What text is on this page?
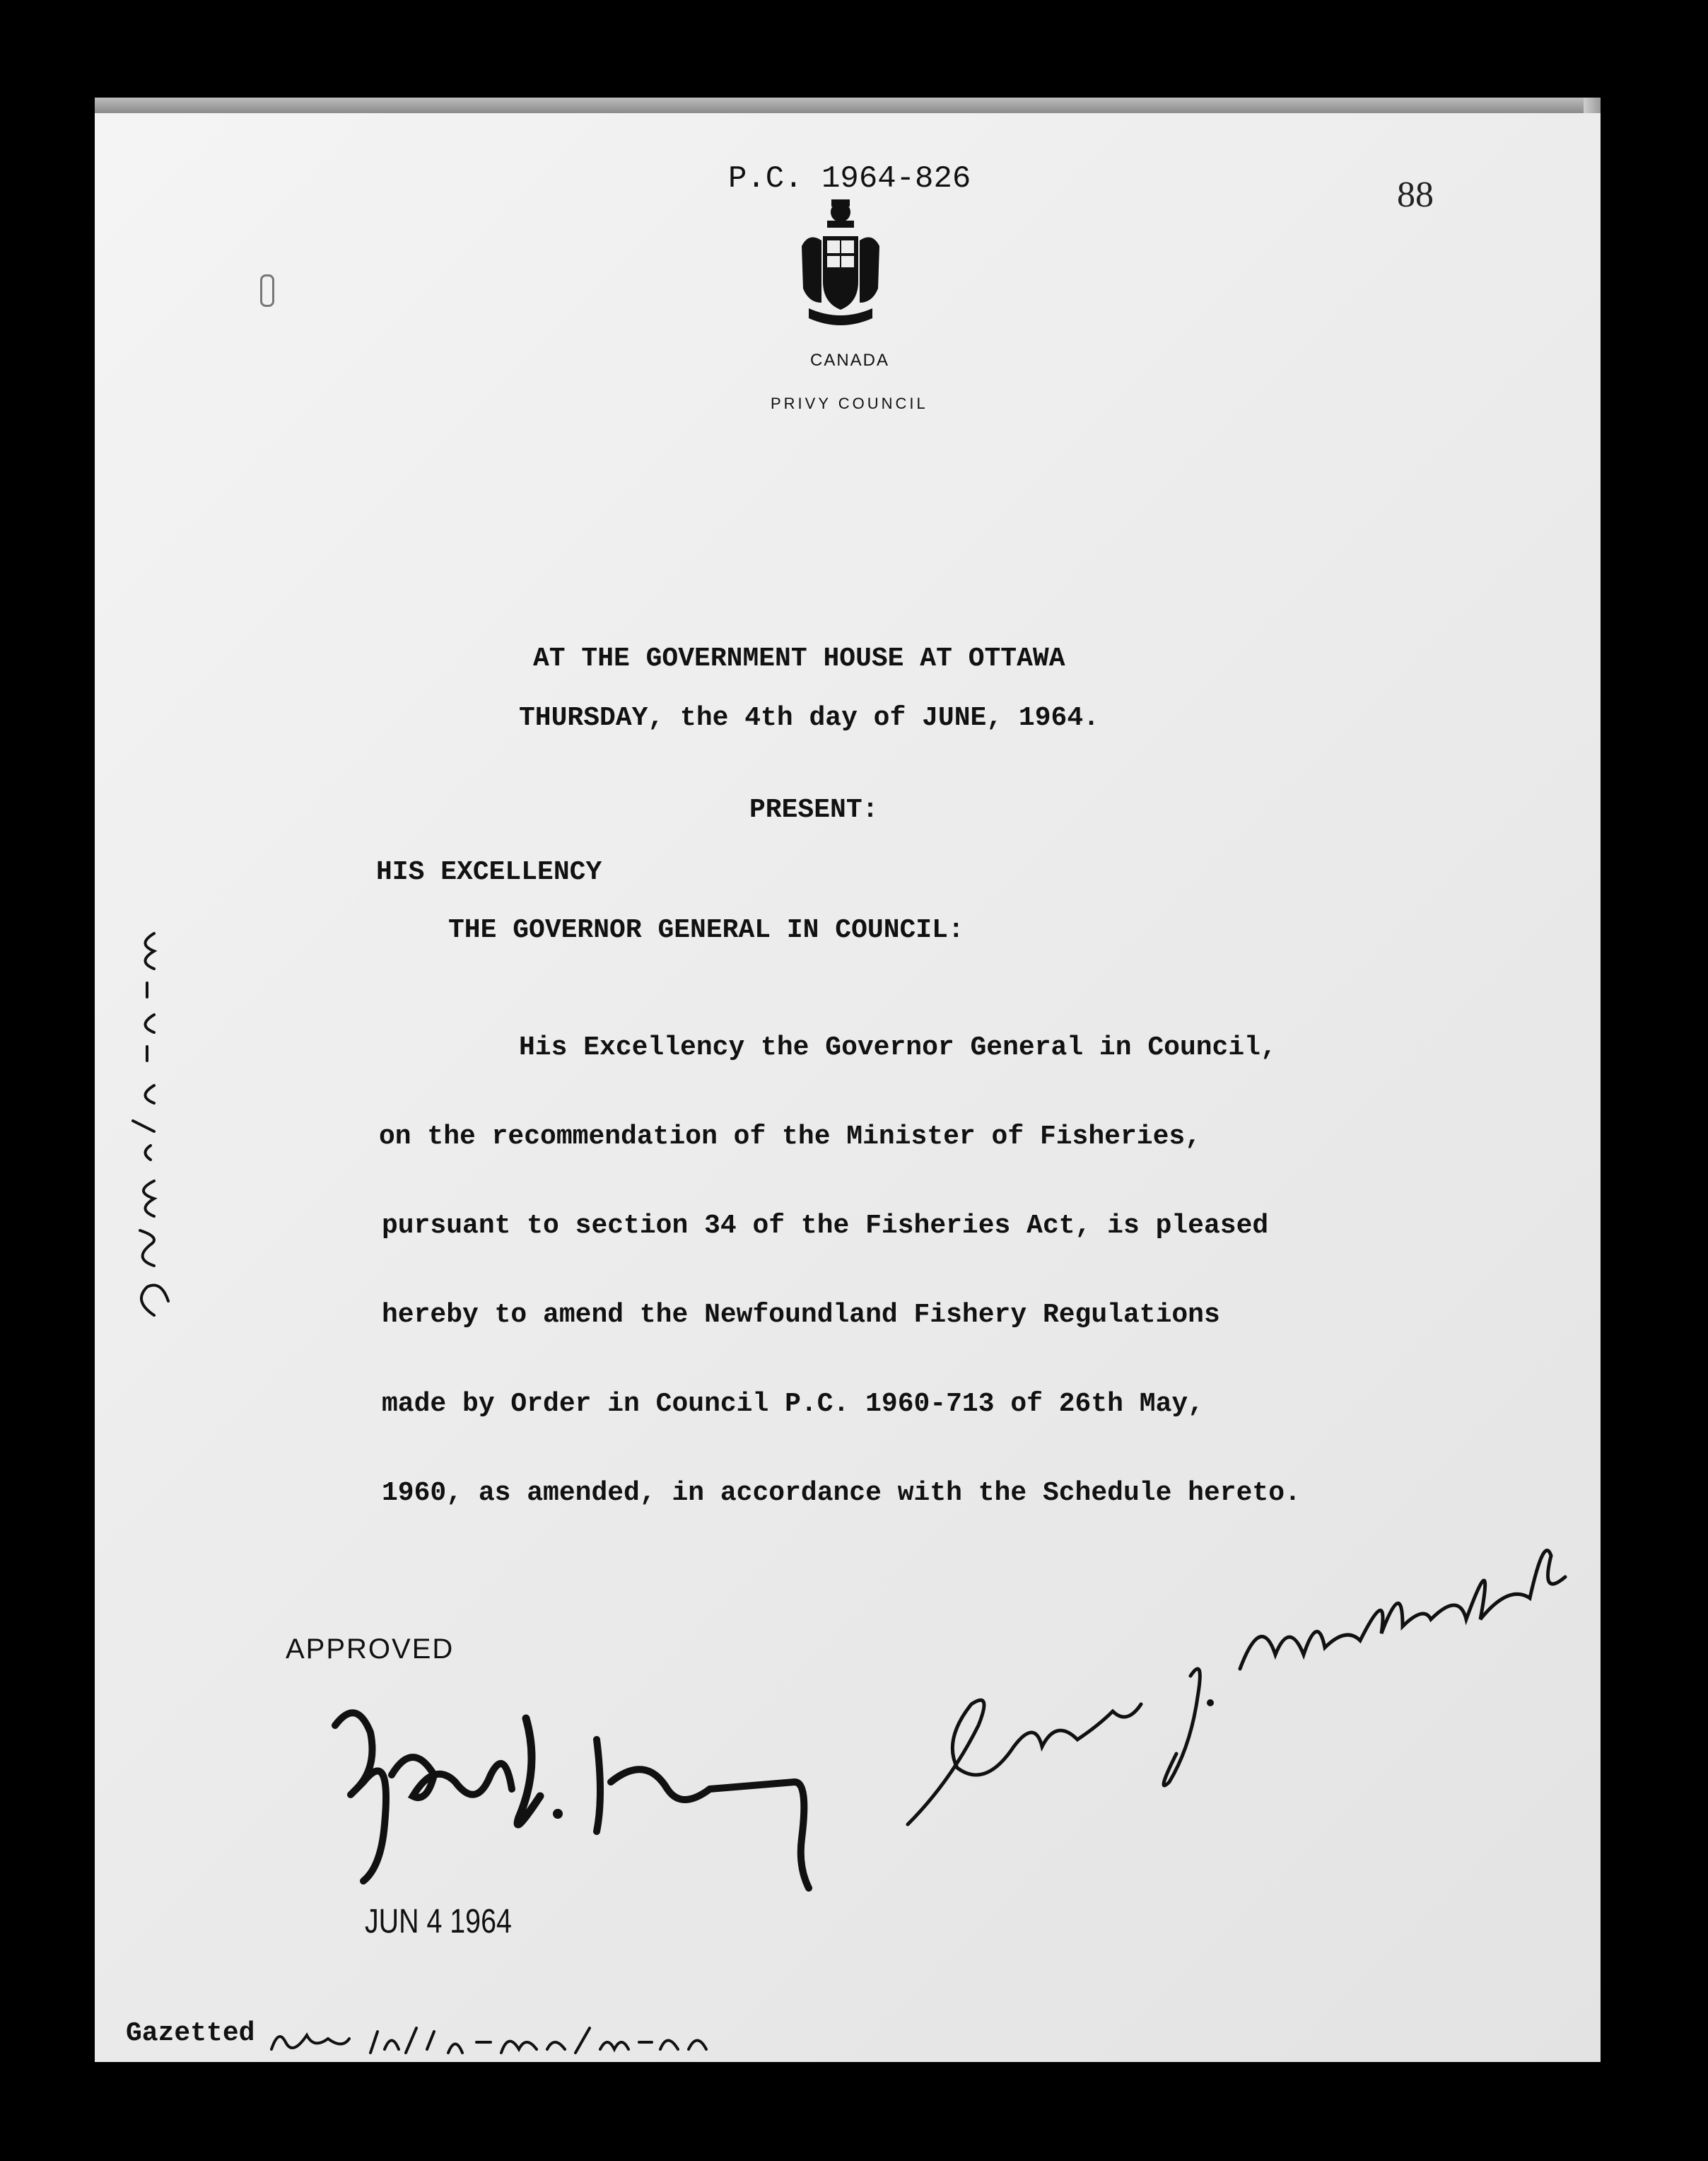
P.C. 1964-826	88
CANADA
PRIVY COUNCIL
AT THE GOVERNMENT HOUSE AT OTTAWA
THURSDAY, the 4th day of JUNE, 1964.
PRESENT:
HIS EXCELLENCY
THE GOVERNOR GENERAL IN COUNCIL:
His Excellency the Governor General in Council,
on the recommendation of the Minister of Fisheries,
pursuant to section 34 of the Fisheries Act, is pleased
hereby to amend the Newfoundland Fishery Regulations
made by Order in Council P.C. 1960-713 of 26th May,
1960, as amended, in accordance with the Schedule hereto.
APPROVED
JUN 4 1964
Gazetted
